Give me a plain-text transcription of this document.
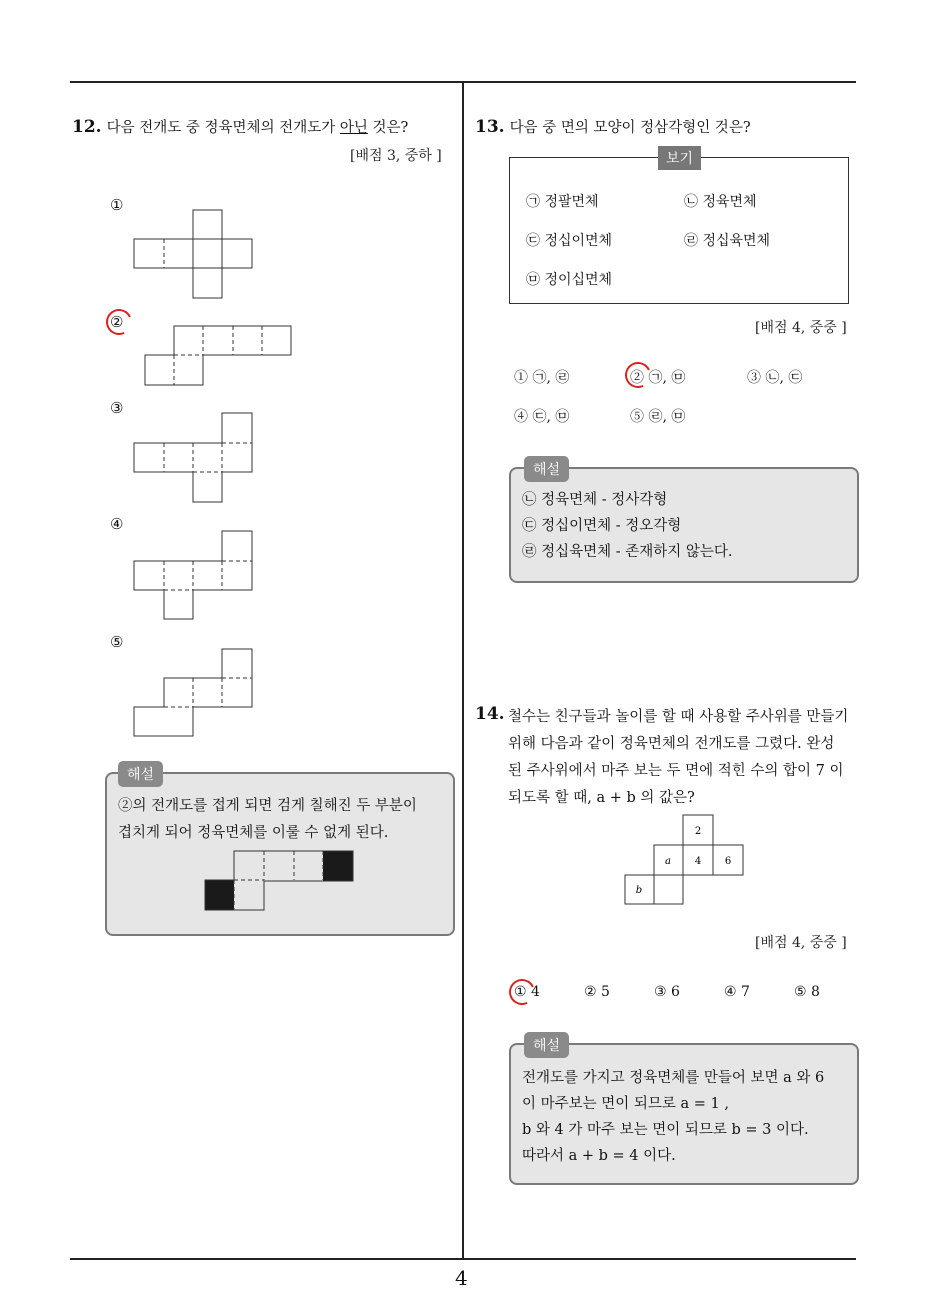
4
12. 다음 전개도 중 정육면체의 전개도가 아닌 것은?
[배점 3, 중하 ]
①
②
③
④
⑤
해설
②의 전개도를 접게 되면 검게 칠해진 두 부분이
겹치게 되어 정육면체를 이룰 수 없게 된다.
13. 다음 중 면의 모양이 정삼각형인 것은?
보기
㉠ 정팔면체	㉡ 정육면체
㉢ 정십이면체	㉣ 정십육면체
㉤ 정이십면체
[배점 4, 중중 ]
① ㉠, ㉣	② ㉠, ㉤	③ ㉡, ㉢
④ ㉢, ㉤	⑤ ㉣, ㉤
해설
㉡ 정육면체 - 정사각형
㉢ 정십이면체 - 정오각형
㉣ 정십육면체 - 존재하지 않는다.
14. 철수는 친구들과 놀이를 할 때 사용할 주사위를 만들기
위해 다음과 같이 정육면체의 전개도를 그렸다. 완성
된 주사위에서 마주 보는 두 면에 적힌 수의 합이 7 이
되도록 할 때, a + b 의 값은?
2
a 4 6
b
[배점 4, 중중 ]
① 4	② 5	③ 6	④ 7	⑤ 8
해설
전개도를 가지고 정육면체를 만들어 보면 a 와 6
이 마주보는 면이 되므로 a = 1 ,
b 와 4 가 마주 보는 면이 되므로 b = 3 이다.
따라서 a + b = 4 이다.
